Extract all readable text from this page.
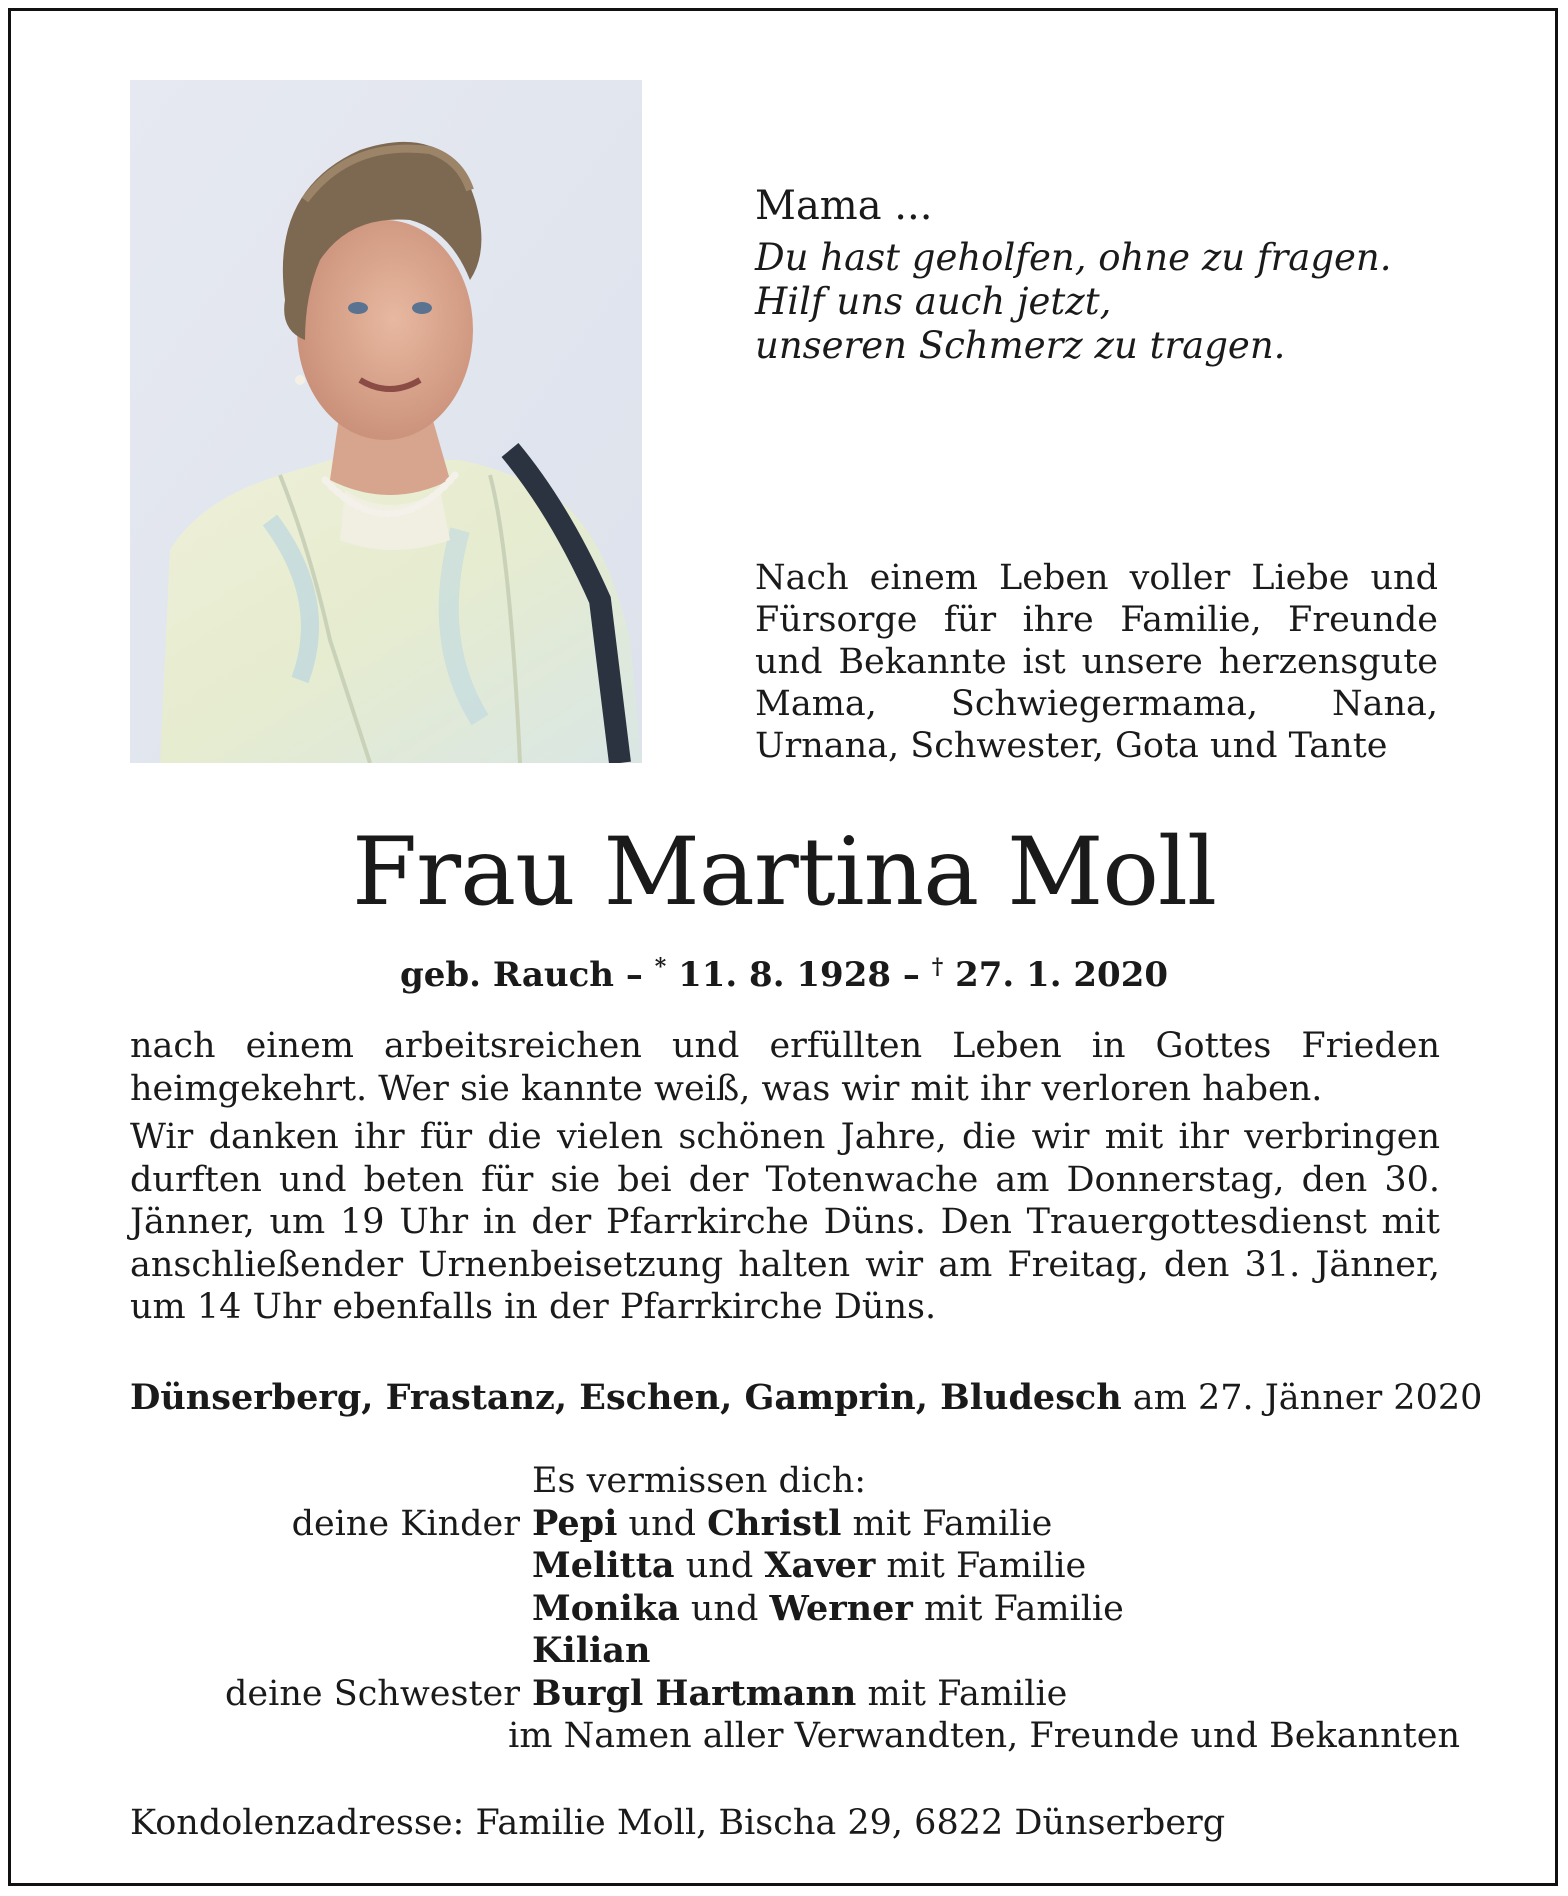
Mama ...

Du hast geholfen, ohne zu fragen.

Hilf uns auch jetzt,

unseren Schmerz zu tragen.

Nach einem Leben voller Liebe und Fürsorge für ihre Familie, Freunde und Bekannte ist unsere herzensgute Mama, Schwiegermama, Nana, Urnana, Schwester, Gota und Tante
Frau Martina Moll
geb. Rauch – * 11. 8. 1928 – † 27. 1. 2020

nach einem arbeitsreichen und erfüllten Leben in Gottes Frieden heimgekehrt. Wer sie kannte weiß, was wir mit ihr verloren haben.

Wir danken ihr für die vielen schönen Jahre, die wir mit ihr verbringen durften und beten für sie bei der Totenwache am Donnerstag, den 30. Jänner, um 19 Uhr in der Pfarrkirche Düns. Den Trauergottesdienst mit anschließender Urnenbeisetzung halten wir am Freitag, den 31. Jänner, um 14 Uhr ebenfalls in der Pfarrkirche Düns.

Dünserberg, Frastanz, Eschen, Gamprin, Bludesch am 27. Jänner 2020
Es vermissen dich:
deine Kinder Pepi und Christl mit Familie
Melitta und Xaver mit Familie
Monika und Werner mit Familie
Kilian
deine Schwester Burgl Hartmann mit Familie
im Namen aller Verwandten, Freunde und Bekannten
Kondolenzadresse: Familie Moll, Bischa 29, 6822 Dünserberg
